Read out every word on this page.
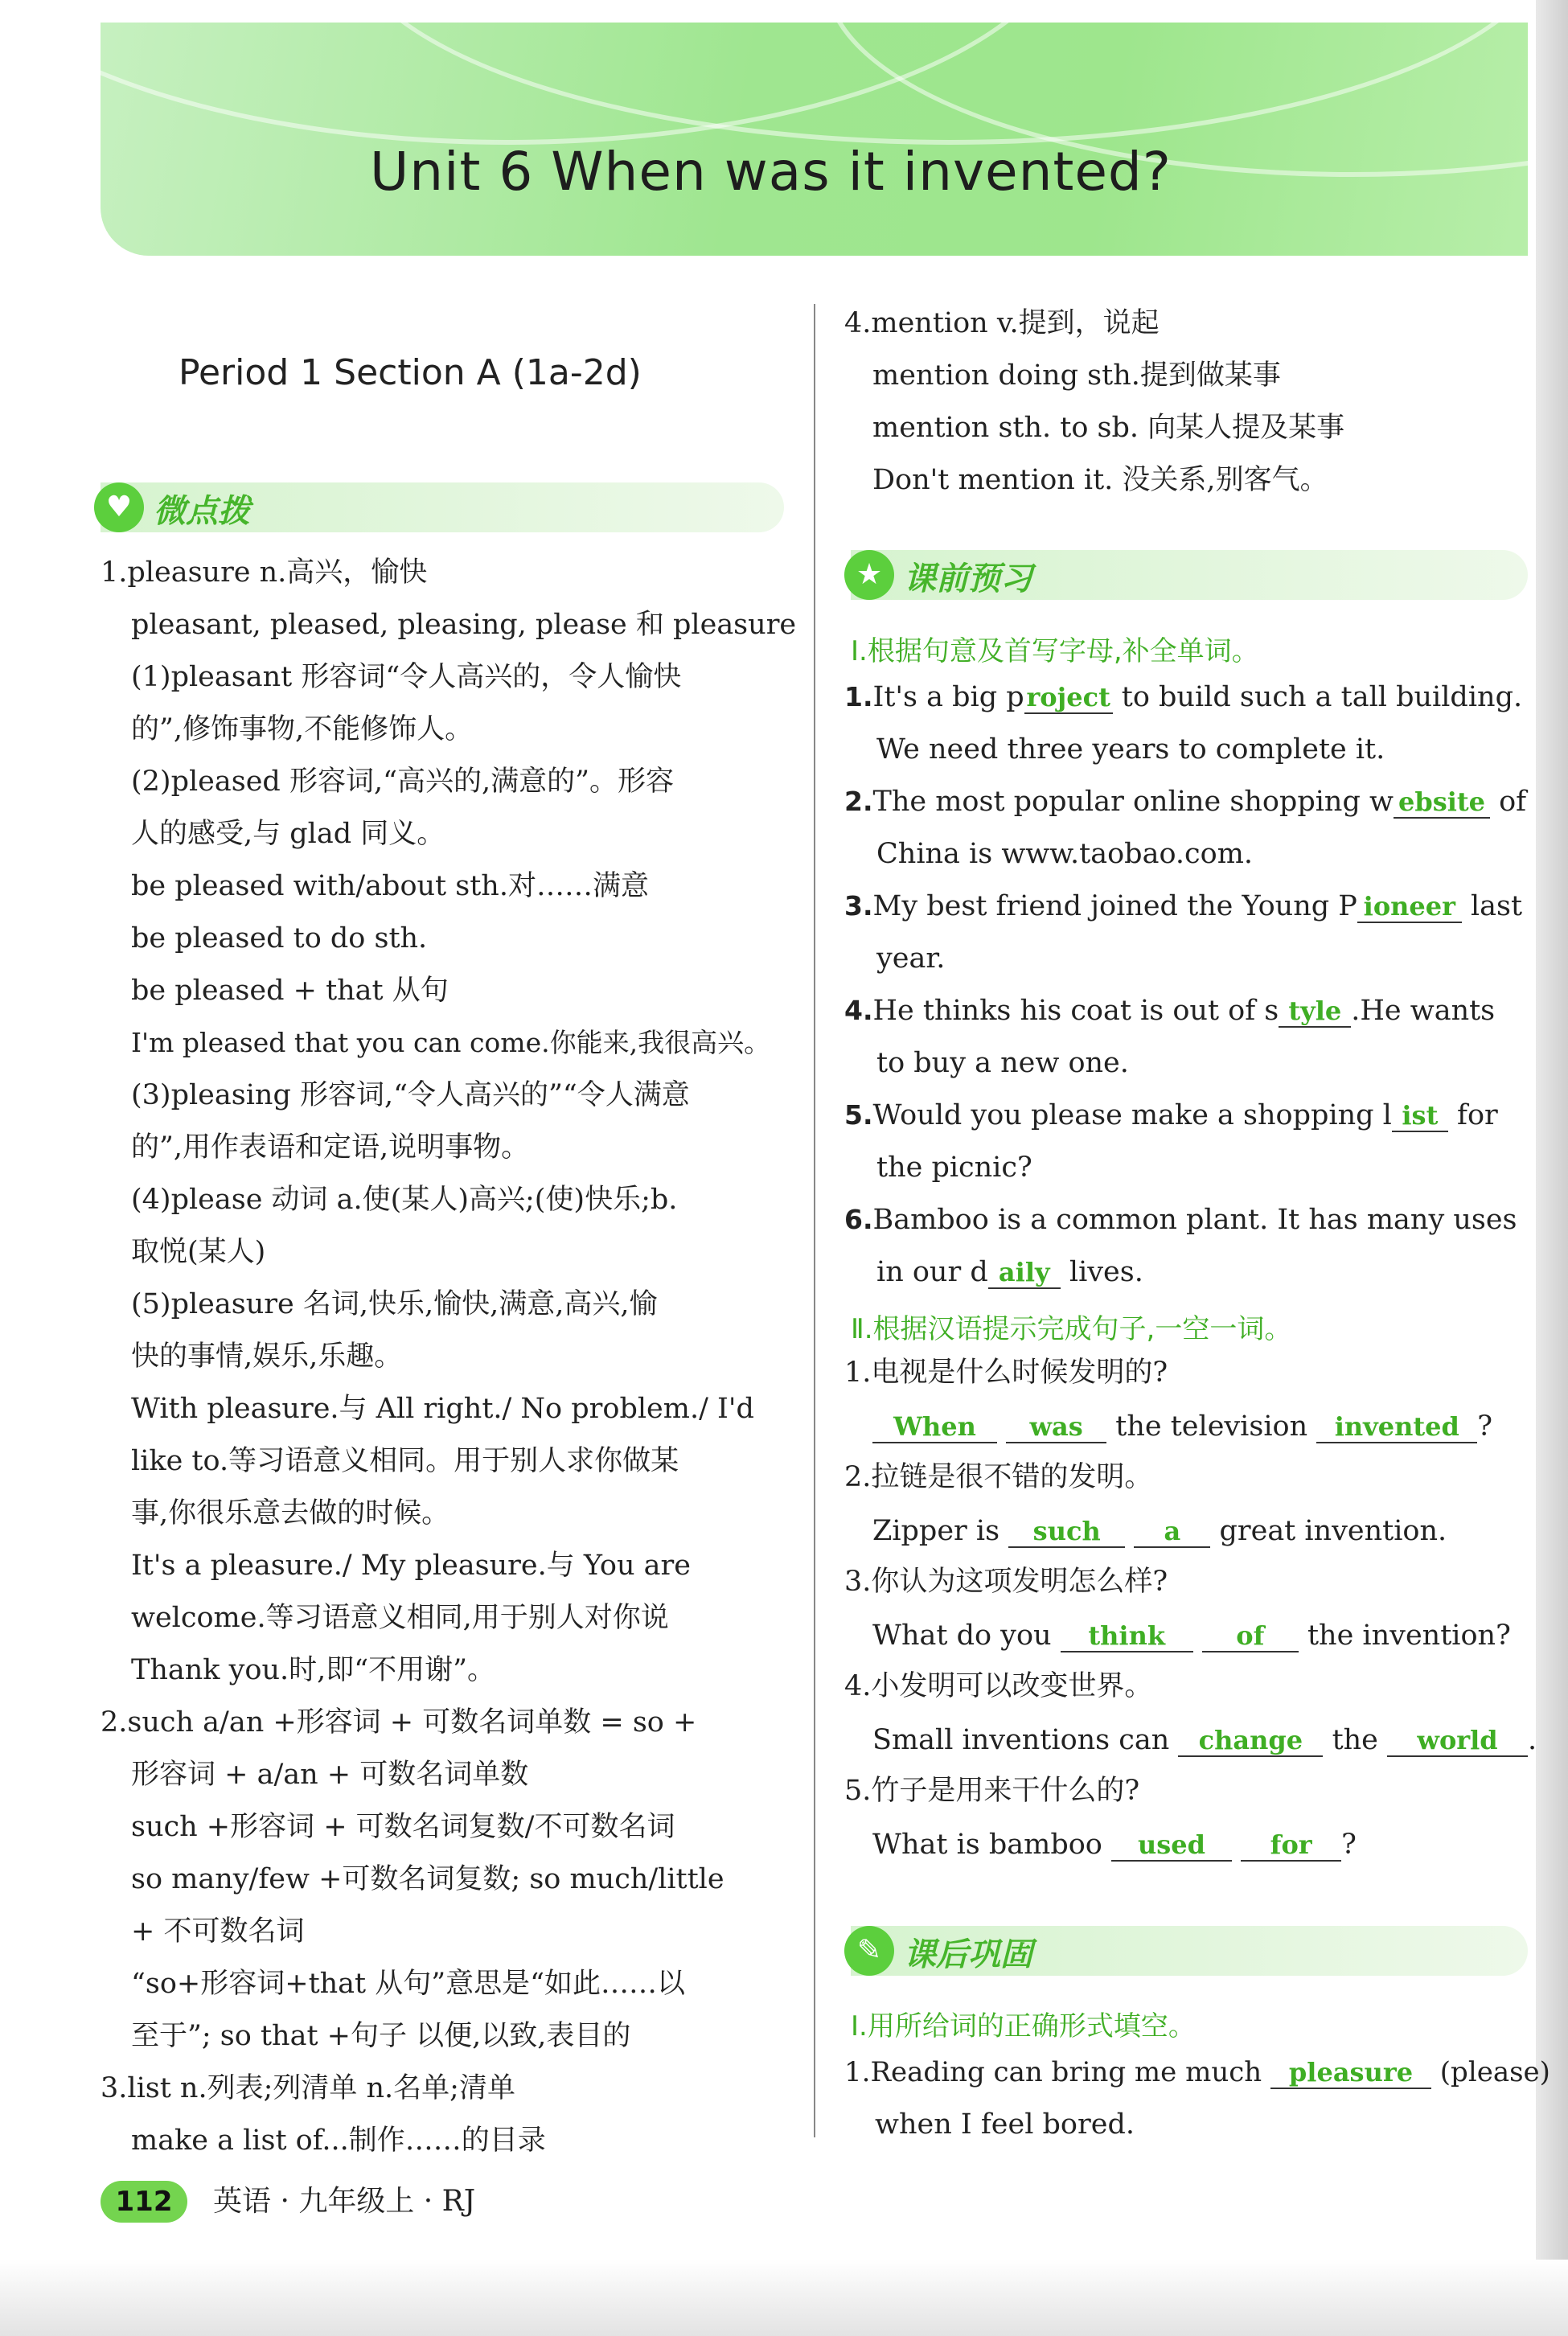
Unit 6 When was it invented?
Period 1 Section A (1a-2d)
♥ 微点拨
1.pleasure n.高兴，愉快
pleasant, pleased, pleasing, please 和 pleasure
(1)pleasant 形容词“令人高兴的，令人愉快
的”,修饰事物,不能修饰人。
(2)pleased 形容词,“高兴的,满意的”。形容
人的感受,与 glad 同义。
be pleased with/about sth.对……满意
be pleased to do sth.
be pleased + that 从句
I'm pleased that you can come.你能来,我很高兴。
(3)pleasing 形容词,“令人高兴的”“令人满意
的”,用作表语和定语,说明事物。
(4)please 动词 a.使(某人)高兴;(使)快乐;b.
取悦(某人)
(5)pleasure 名词,快乐,愉快,满意,高兴,愉
快的事情,娱乐,乐趣。
With pleasure.与 All right./ No problem./ I'd
like to.等习语意义相同。用于别人求你做某
事,你很乐意去做的时候。
It's a pleasure./ My pleasure.与 You are
welcome.等习语意义相同,用于别人对你说
Thank you.时,即“不用谢”。
2.such a/an +形容词 + 可数名词单数 = so +
形容词 + a/an + 可数名词单数
such +形容词 + 可数名词复数/不可数名词
so many/few +可数名词复数; so much/little
+ 不可数名词
“so+形容词+that 从句”意思是“如此……以
至于”; so that +句子 以便,以致,表目的
3.list n.列表;列清单 n.名单;清单
make a list of...制作……的目录
4.mention v.提到，说起
mention doing sth.提到做某事
mention sth. to sb. 向某人提及某事
Don't mention it. 没关系,别客气。
★ 课前预习
Ⅰ.根据句意及首写字母,补全单词。
1.It's a big project to build such a tall building.
We need three years to complete it.
2.The most popular online shopping w ebsite of
China is www.taobao.com.
3.My best friend joined the Young P ioneer last
year.
4.He thinks his coat is out of s tyle .He wants
to buy a new one.
5.Would you please make a shopping l ist for
the picnic?
6.Bamboo is a common plant. It has many uses
in our d aily lives.
Ⅱ.根据汉语提示完成句子,一空一词。
1.电视是什么时候发明的?
When was the television invented ?
2.拉链是很不错的发明。
Zipper is such a great invention.
3.你认为这项发明怎么样?
What do you think	of the invention?
4.小发明可以改变世界。
Small inventions can change the world .
5.竹子是用来干什么的?
What is bamboo used	for ?
✎ 课后巩固
Ⅰ.用所给词的正确形式填空。
1.Reading can bring me much pleasure (please)
when I feel bored.
112	英语 · 九年级上 · RJ
